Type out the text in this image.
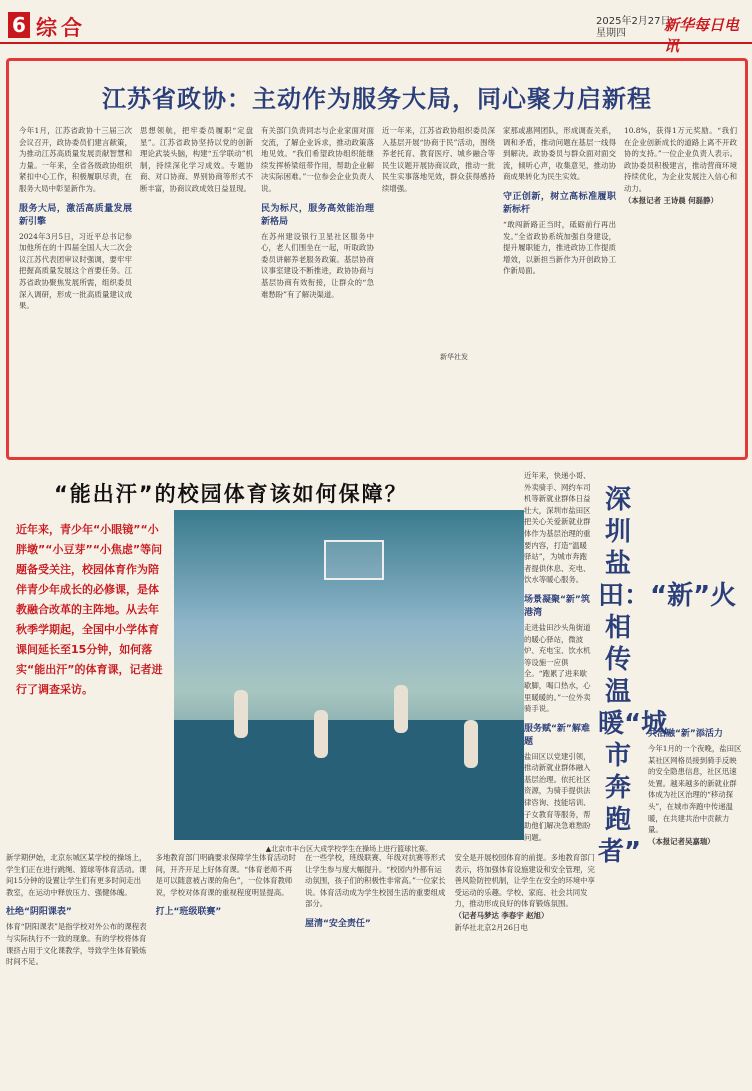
6 综合	2025年2月27日
星期四	新华每日电讯
江苏省政协：主动作为服务大局，同心聚力启新程

今年1月，江苏省政协十三届三次会议召开，政协委员们建言献策，为推动江苏高质量发展贡献智慧和力量。一年来，全省各级政协组织紧扣中心工作，积极履职尽责，在服务大局中彰显新作为。

服务大局，激活高质量发展新引擎

2024年3月5日，习近平总书记参加他所在的十四届全国人大二次会议江苏代表团审议时强调，要牢牢把握高质量发展这个首要任务。江苏省政协聚焦发展所需，组织委员深入调研，形成一批高质量建议成果。

思想领航，把牢委员履职“定盘星”。江苏省政协坚持以党的创新理论武装头脑，构建“五学联动”机制，持续深化学习成效。专题协商、对口协商、界别协商等形式不断丰富，协商议政成效日益显现。

有关部门负责同志与企业家面对面交流，了解企业诉求，推动政策落地见效。“我们希望政协组织能继续发挥桥梁纽带作用，帮助企业解决实际困难。”一位参会企业负责人说。

民为标尺，服务高效能治理新格局

在苏州建设银行卫星社区服务中心，老人们围坐在一起，听取政协委员讲解养老服务政策。基层协商议事室建设不断推进，政协协商与基层协商有效衔接，让群众的“急难愁盼”有了解决渠道。

近一年来，江苏省政协组织委员深入基层开展“协商于民”活动，围绕养老托育、教育医疗、城乡融合等民生议题开展协商议政，推动一批民生实事落地见效，群众获得感持续增强。

家那或惠网团队，形成调查关系，调和矛盾，推动问题在基层一线得到解决。政协委员与群众面对面交流，倾听心声，收集意见，推动协商成果转化为民生实效。

守正创新，树立高标准履职新标杆

“敢闯新路正当时，砥砺前行再出发。”全省政协系统加强自身建设，提升履职能力，推进政协工作提质增效，以新担当新作为开创政协工作新局面。

10.8%，获得1万元奖励。“我们在企业创新成长的道路上离不开政协的支持。”一位企业负责人表示。政协委员积极建言，推动营商环境持续优化，为企业发展注入信心和动力。

（本报记者 王诗晨 何磊静）

“能出汗”的校园体育该如何保障？
近年来，青少年“小眼镜”“小胖墩”“小豆芽”“小焦虑”等问题备受关注，校园体育作为陪伴青少年成长的必修课，是体教融合改革的主阵地。从去年秋季学期起，全国中小学体育课间延长至15分钟，如何落实“能出汗”的体育课，记者进行了调查采访。
▲北京市丰台区大成学校学生在操场上进行篮球比赛。
新华社发

新学期伊始，北京东城区某学校的操场上，学生们正在进行跳绳、篮球等体育活动。课间15分钟的设置让学生们有更多时间走出教室，在运动中释放压力、强健体魄。

杜绝“阴阳课表”

体育“阴阳课表”是指学校对外公布的课程表与实际执行不一致的现象。有的学校将体育课挤占用于文化课教学，导致学生体育锻炼时间不足。

多地教育部门明确要求保障学生体育活动时间，开齐开足上好体育课。“体育老师不再是可以随意被占课的角色”，一位体育教师说，学校对体育课的重视程度明显提高。

打上“班级联赛”

在一些学校，班级联赛、年级对抗赛等形式让学生参与度大幅提升。“校园内外都有运动氛围，孩子们的积极性非常高。”一位家长说。体育活动成为学生校园生活的重要组成部分。

屋清“安全责任”

安全是开展校园体育的前提。多地教育部门表示，将加强体育设施建设和安全管理，完善风险防控机制，让学生在安全的环境中享受运动的乐趣。学校、家庭、社会共同发力，推动形成良好的体育锻炼氛围。

（记者马梦达 李春宇 赵旭）

新华社北京2月26日电

近年来，快递小哥、外卖骑手、网约车司机等新就业群体日益壮大，深圳市盐田区把关心关爱新就业群体作为基层治理的重要内容，打造“温暖驿站”，为城市奔跑者提供休息、充电、饮水等暖心服务。

场景凝聚“新”筑港湾

走进盐田沙头角街道的暖心驿站，微波炉、充电宝、饮水机等设施一应俱全。“跑累了进来歇歇脚，喝口热水，心里暖暖的。”一位外卖骑手说。

服务赋“新”解难题

盐田区以党建引领，推动新就业群体融入基层治理。依托社区资源，为骑手提供法律咨询、技能培训、子女教育等服务，帮助他们解决急难愁盼问题。

深圳盐田：“新”火相传温暖“城市奔跑者”
共治融“新”添活力

今年1月的一个夜晚，盐田区某社区网格员接到骑手反映的安全隐患信息，社区迅速处置。越来越多的新就业群体成为社区治理的“移动探头”，在城市奔跑中传递温暖，在共建共治中贡献力量。

（本报记者吴嘉瑞）
